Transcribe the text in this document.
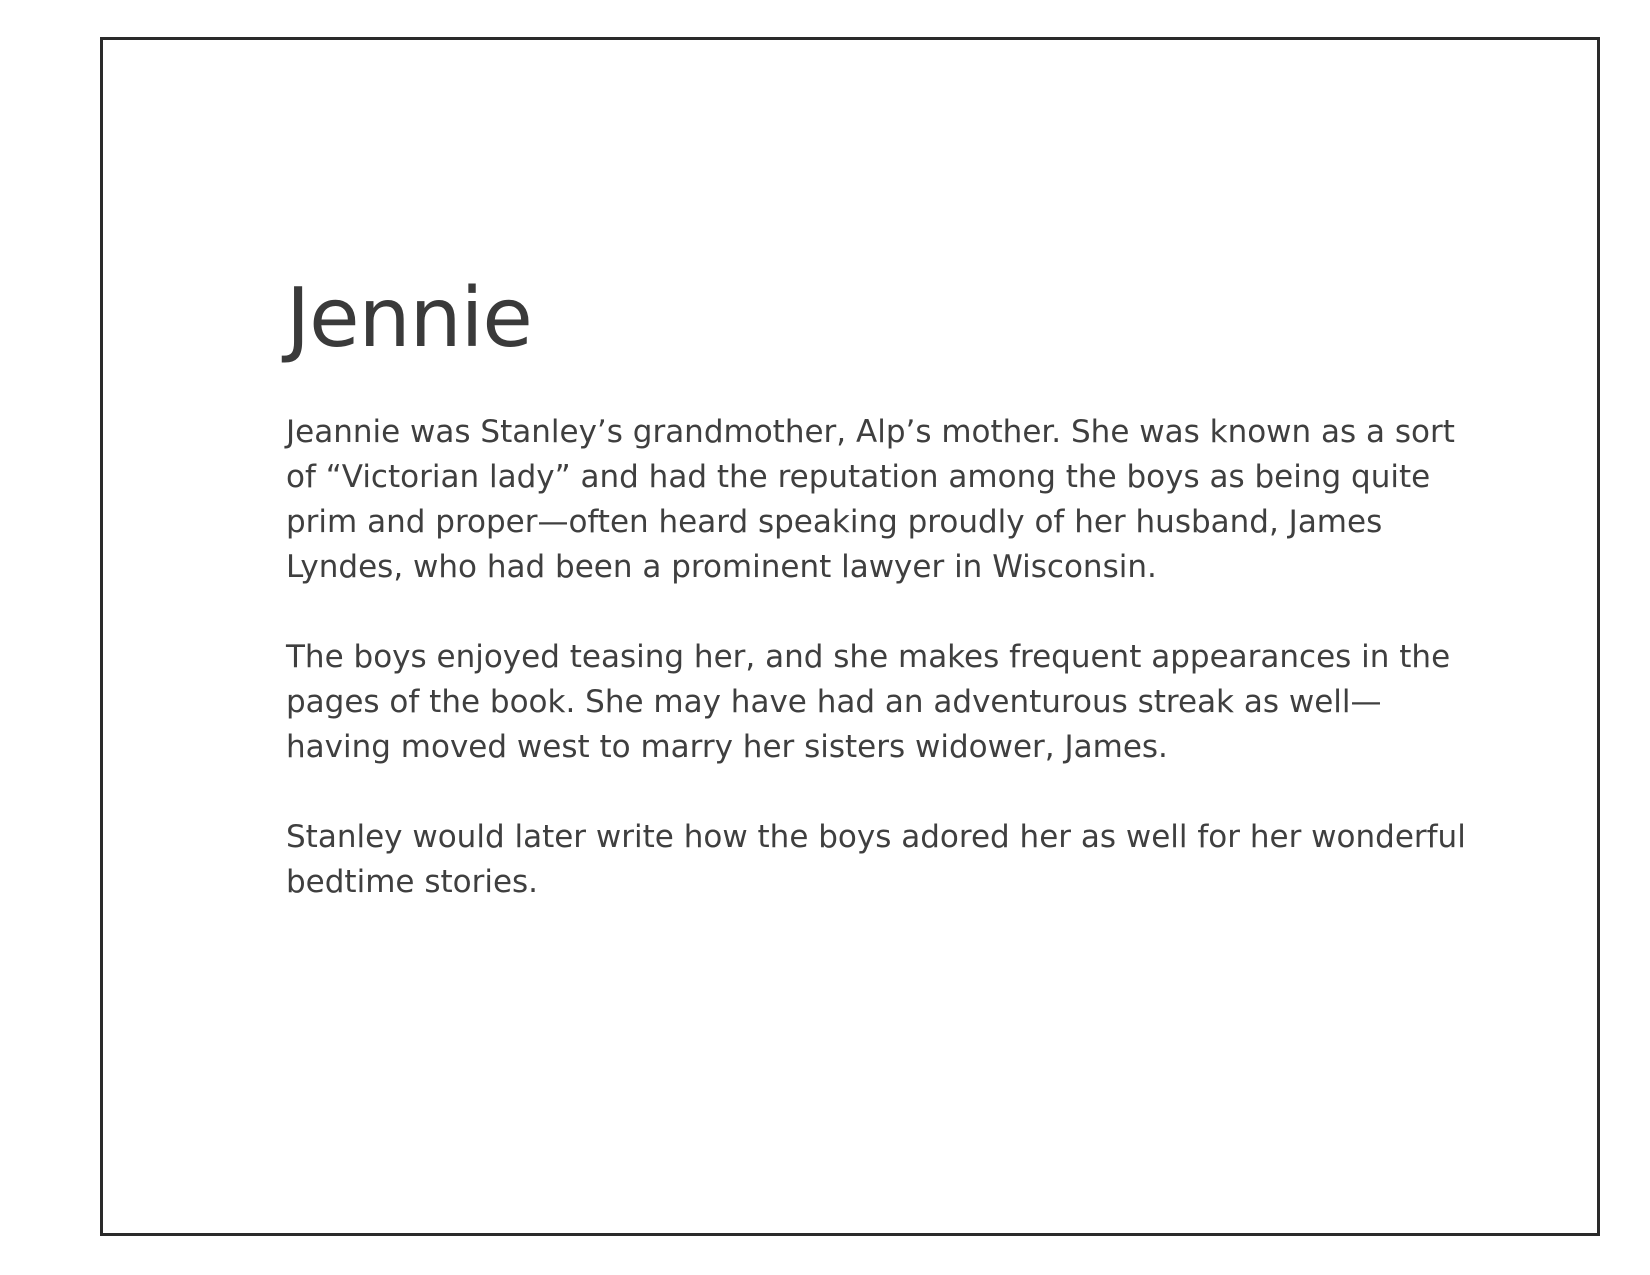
Jennie

Jeannie was Stanley’s grandmother, Alp’s mother. She was known as a sort of “Victorian lady” and had the reputation among the boys as being quite prim and proper—often heard speaking proudly of her husband, James Lyndes, who had been a prominent lawyer in Wisconsin.

The boys enjoyed teasing her, and she makes frequent appearances in the pages of the book. She may have had an adventurous streak as well—having moved west to marry her sisters widower, James.

Stanley would later write how the boys adored her as well for her wonderful bedtime stories.
